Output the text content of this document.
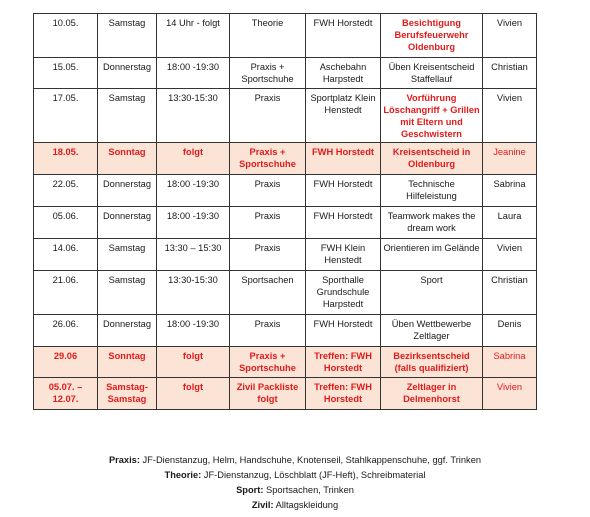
10.05.	Samstag	14 Uhr - folgt	Theorie	FWH Horstedt	Besichtigung Berufsfeuerwehr Oldenburg	Vivien
15.05.	Donnerstag	18:00 -19:30	Praxis + Sportschuhe	Aschebahn Harpstedt	Üben Kreisentscheid Staffellauf	Christian
17.05.	Samstag	13:30-15:30	Praxis	Sportplatz Klein Henstedt	Vorführung Löschangriff + Grillen mit Eltern und Geschwistern	Vivien
18.05.	Sonntag	folgt	Praxis + Sportschuhe	FWH Horstedt	Kreisentscheid in Oldenburg	Jeanine
22.05.	Donnerstag	18:00 -19:30	Praxis	FWH Horstedt	Technische Hilfeleistung	Sabrina
05.06.	Donnerstag	18:00 -19:30	Praxis	FWH Horstedt	Teamwork makes the dream work	Laura
14.06.	Samstag	13:30 – 15:30	Praxis	FWH Klein Henstedt	Orientieren im Gelände	Vivien
21.06.	Samstag	13:30-15:30	Sportsachen	Sporthalle Grundschule Harpstedt	Sport	Christian
26.06.	Donnerstag	18:00 -19:30	Praxis	FWH Horstedt	Üben Wettbewerbe Zeltlager	Denis
29.06	Sonntag	folgt	Praxis + Sportschuhe	Treffen: FWH Horstedt	Bezirksentscheid (falls qualifiziert)	Sabrina
05.07. – 12.07.	Samstag-Samstag	folgt	Zivil Packliste folgt	Treffen: FWH Horstedt	Zeltlager in Delmenhorst	Vivien
Praxis: JF-Dienstanzug, Helm, Handschuhe, Knotenseil, Stahlkappenschuhe, ggf. Trinken
Theorie: JF-Dienstanzug, Löschblatt (JF-Heft), Schreibmaterial
Sport: Sportsachen, Trinken
Zivil: Alltagskleidung
